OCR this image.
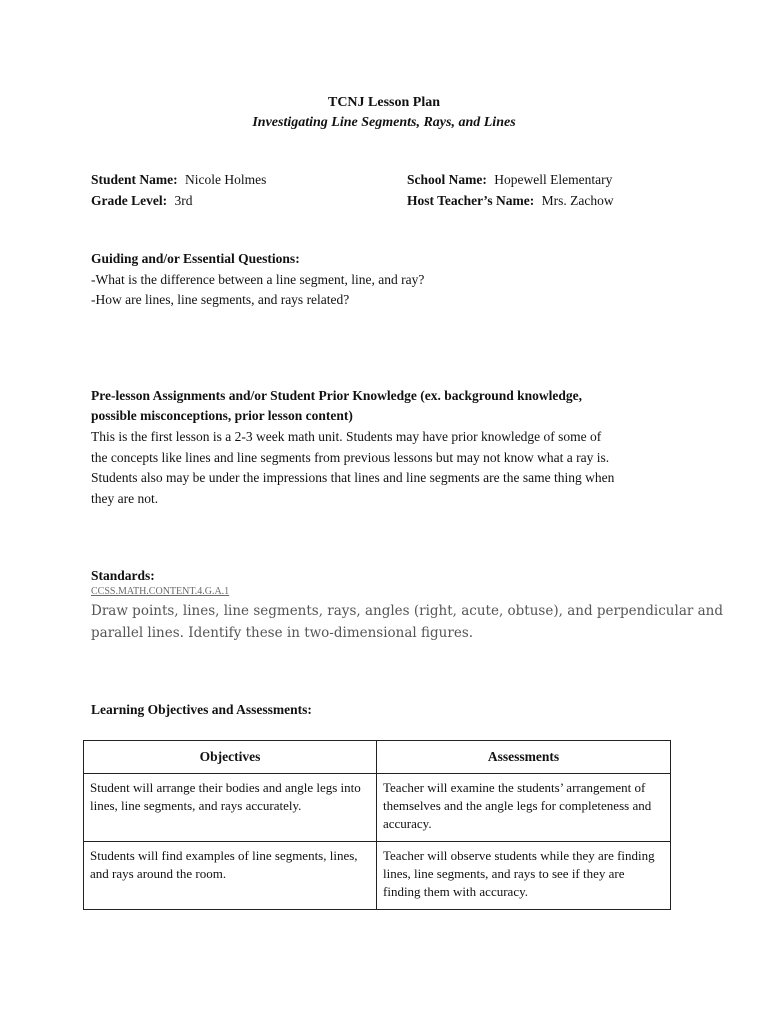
TCNJ Lesson Plan
Investigating Line Segments, Rays, and Lines
Student Name: Nicole Holmes
Grade Level: 3rd
School Name: Hopewell Elementary
Host Teacher’s Name: Mrs. Zachow
Guiding and/or Essential Questions:
-What is the difference between a line segment, line, and ray?
-How are lines, line segments, and rays related?
Pre-lesson Assignments and/or Student Prior Knowledge (ex. background knowledge,
possible misconceptions, prior lesson content)
This is the first lesson is a 2-3 week math unit. Students may have prior knowledge of some of
the concepts like lines and line segments from previous lessons but may not know what a ray is.
Students also may be under the impressions that lines and line segments are the same thing when
they are not.
Standards:
CCSS.MATH.CONTENT.4.G.A.1
Draw points, lines, line segments, rays, angles (right, acute, obtuse), and perpendicular and
parallel lines. Identify these in two-dimensional figures.
Learning Objectives and Assessments:
Objectives	Assessments
Student will arrange their bodies and angle legs into lines, line segments, and rays accurately.	Teacher will examine the students’ arrangement of themselves and the angle legs for completeness and accuracy.
Students will find examples of line segments, lines, and rays around the room.	Teacher will observe students while they are finding lines, line segments, and rays to see if they are finding them with accuracy.
